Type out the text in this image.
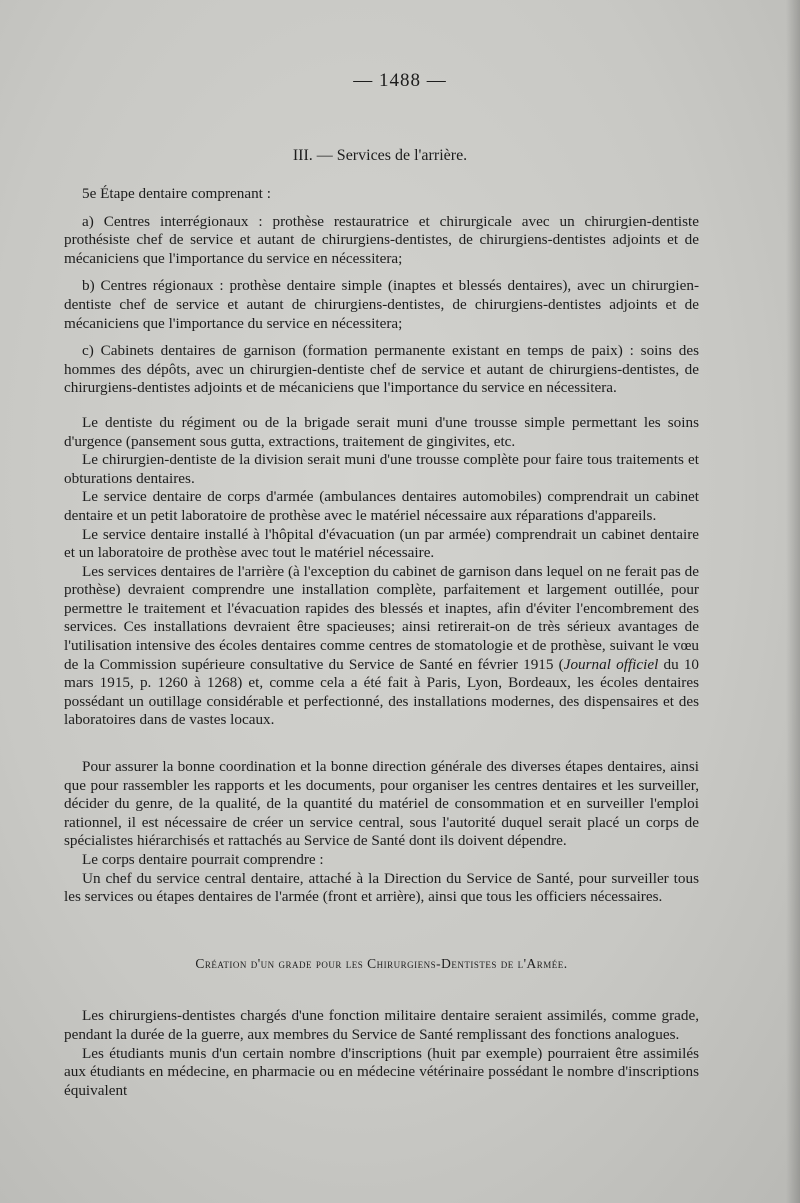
— 1488 —
III. — Services de l'arrière.

5e Étape dentaire comprenant :

a) Centres interrégionaux : prothèse restauratrice et chirurgicale avec un chirurgien-dentiste prothésiste chef de service et autant de chirurgiens-dentistes, de chirurgiens-dentistes adjoints et de mécaniciens que l'importance du service en nécessitera;

b) Centres régionaux : prothèse dentaire simple (inaptes et blessés dentaires), avec un chirurgien-dentiste chef de service et autant de chirurgiens-dentistes, de chirurgiens-dentistes adjoints et de mécaniciens que l'importance du service en nécessitera;

c) Cabinets dentaires de garnison (formation permanente existant en temps de paix) : soins des hommes des dépôts, avec un chirurgien-dentiste chef de service et autant de chirurgiens-dentistes, de chirurgiens-dentistes adjoints et de mécaniciens que l'importance du service en nécessitera.

Le dentiste du régiment ou de la brigade serait muni d'une trousse simple permettant les soins d'urgence (pansement sous gutta, extractions, traitement de gingivites, etc.

Le chirurgien-dentiste de la division serait muni d'une trousse complète pour faire tous traitements et obturations dentaires.

Le service dentaire de corps d'armée (ambulances dentaires automobiles) comprendrait un cabinet dentaire et un petit laboratoire de prothèse avec le matériel nécessaire aux réparations d'appareils.

Le service dentaire installé à l'hôpital d'évacuation (un par armée) comprendrait un cabinet dentaire et un laboratoire de prothèse avec tout le matériel nécessaire.

Les services dentaires de l'arrière (à l'exception du cabinet de garnison dans lequel on ne ferait pas de prothèse) devraient comprendre une installation complète, parfaitement et largement outillée, pour permettre le traitement et l'évacuation rapides des blessés et inaptes, afin d'éviter l'encombrement des services. Ces installations devraient être spacieuses; ainsi retirerait-on de très sérieux avantages de l'utilisation intensive des écoles dentaires comme centres de stomatologie et de prothèse, suivant le vœu de la Commission supérieure consultative du Service de Santé en février 1915 (Journal officiel du 10 mars 1915, p. 1260 à 1268) et, comme cela a été fait à Paris, Lyon, Bordeaux, les écoles dentaires possédant un outillage considérable et perfectionné, des installations modernes, des dispensaires et des laboratoires dans de vastes locaux.

Pour assurer la bonne coordination et la bonne direction générale des diverses étapes dentaires, ainsi que pour rassembler les rapports et les documents, pour organiser les centres dentaires et les surveiller, décider du genre, de la qualité, de la quantité du matériel de consommation et en surveiller l'emploi rationnel, il est nécessaire de créer un service central, sous l'autorité duquel serait placé un corps de spécialistes hiérarchisés et rattachés au Service de Santé dont ils doivent dépendre.

Le corps dentaire pourrait comprendre :

Un chef du service central dentaire, attaché à la Direction du Service de Santé, pour surveiller tous les services ou étapes dentaires de l'armée (front et arrière), ainsi que tous les officiers nécessaires.

Création d'un grade pour les Chirurgiens-Dentistes de l'Armée.

Les chirurgiens-dentistes chargés d'une fonction militaire dentaire seraient assimilés, comme grade, pendant la durée de la guerre, aux membres du Service de Santé remplissant des fonctions analogues.

Les étudiants munis d'un certain nombre d'inscriptions (huit par exemple) pourraient être assimilés aux étudiants en médecine, en pharmacie ou en médecine vétérinaire possédant le nombre d'inscriptions équivalent
